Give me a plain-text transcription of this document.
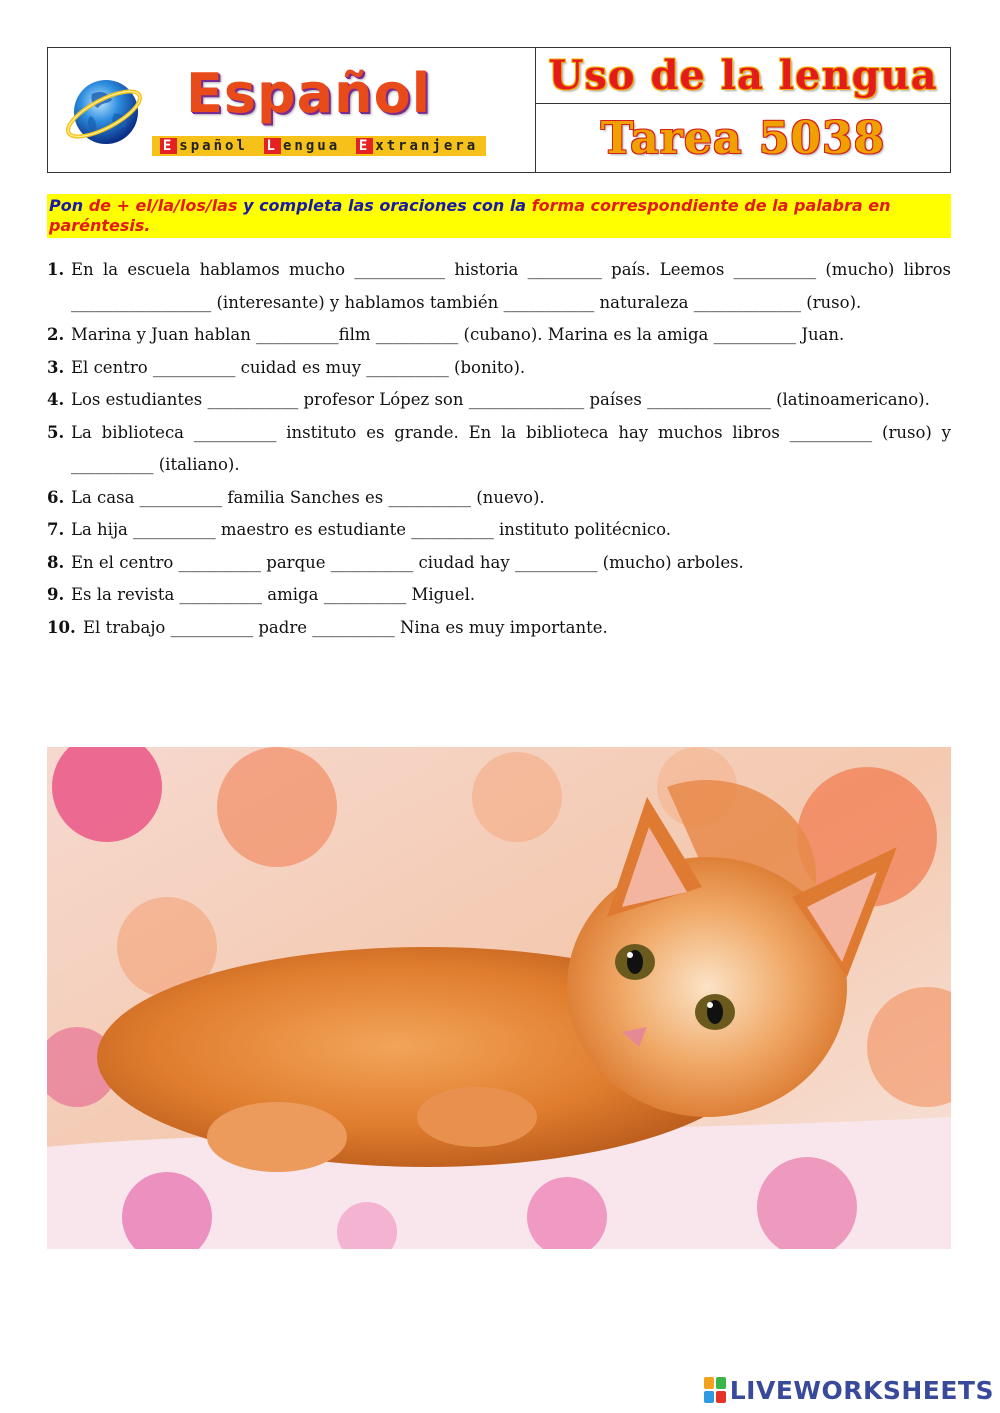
Español
E spañol L engua E xtranjera
Uso de la lengua
Tarea 5038
Pon de + el/la/los/las y completa las oraciones con la forma correspondiente de la palabra en paréntesis.
1. En la escuela hablamos mucho ___________ historia _________ país. Leemos __________ (mucho) libros _________________ (interesante) y hablamos también ___________ naturaleza _____________ (ruso).
2. Marina y Juan hablan __________film __________ (cubano). Marina es la amiga __________ Juan.
3. El centro __________ cuidad es muy __________ (bonito).
4. Los estudiantes ___________ profesor López son ______________ países _______________ (latinoamericano).
5. La biblioteca __________ instituto es grande. En la biblioteca hay muchos libros __________ (ruso) y __________ (italiano).
6. La casa __________ familia Sanches es __________ (nuevo).
7. La hija __________ maestro es estudiante __________ instituto politécnico.
8. En el centro __________ parque __________ ciudad hay __________ (mucho) arboles.
9. Es la revista __________ amiga __________ Miguel.
10. El trabajo __________ padre __________ Nina es muy importante.
LIVEWORKSHEETS
